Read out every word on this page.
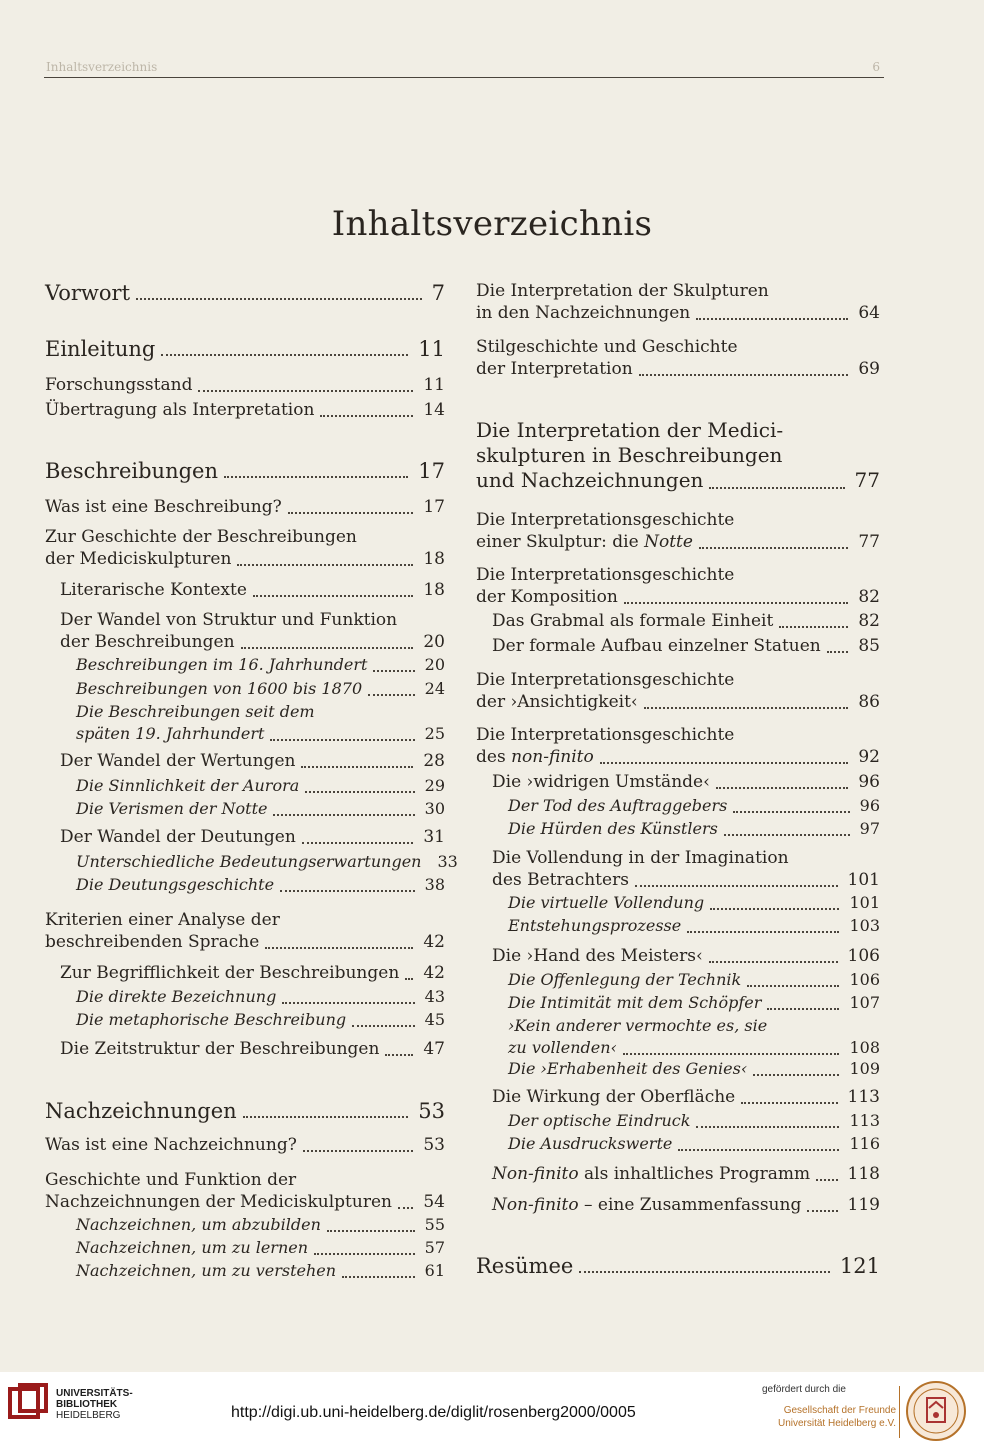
Inhaltsverzeichnis	6
Inhaltsverzeichnis
Vorwort	7
Einleitung	11
Forschungsstand	11
Übertragung als Interpretation	14
Beschreibungen	17
Was ist eine Beschreibung?	17
Zur Geschichte der Beschreibungen
der Mediciskulpturen	18
Literarische Kontexte	18
Der Wandel von Struktur und Funktion
der Beschreibungen	20
Beschreibungen im 16. Jahrhundert	20
Beschreibungen von 1600 bis 1870	24
Die Beschreibungen seit dem
späten 19. Jahrhundert	25
Der Wandel der Wertungen	28
Die Sinnlichkeit der Aurora	29
Die Verismen der Notte	30
Der Wandel der Deutungen	31
Unterschiedliche Bedeutungserwartungen 33
Die Deutungsgeschichte	38
Kriterien einer Analyse der
beschreibenden Sprache	42
Zur Begrifflichkeit der Beschreibungen 42
Die direkte Bezeichnung	43
Die metaphorische Beschreibung	45
Die Zeitstruktur der Beschreibungen	47
Nachzeichnungen	53
Was ist eine Nachzeichnung?	53
Geschichte und Funktion der
Nachzeichnungen der Mediciskulpturen 54
Nachzeichnen, um abzubilden	55
Nachzeichnen, um zu lernen	57
Nachzeichnen, um zu verstehen	61
Die Interpretation der Skulpturen
in den Nachzeichnungen	64
Stilgeschichte und Geschichte
der Interpretation	69
Die Interpretation der Medici-
skulpturen in Beschreibungen
und Nachzeichnungen	77
Die Interpretationsgeschichte
einer Skulptur: die Notte	77
Die Interpretationsgeschichte
der Komposition	82
Das Grabmal als formale Einheit	82
Der formale Aufbau einzelner Statuen 85
Die Interpretationsgeschichte
der ›Ansichtigkeit‹	86
Die Interpretationsgeschichte
des non-finito	92
Die ›widrigen Umstände‹	96
Der Tod des Auftraggebers	96
Die Hürden des Künstlers	97
Die Vollendung in der Imagination
des Betrachters	101
Die virtuelle Vollendung	101
Entstehungsprozesse	103
Die ›Hand des Meisters‹	106
Die Offenlegung der Technik	106
Die Intimität mit dem Schöpfer	107
›Kein anderer vermochte es, sie
zu vollenden‹	108
Die ›Erhabenheit des Genies‹	109
Die Wirkung der Oberfläche	113
Der optische Eindruck	113
Die Ausdruckswerte	116
Non-finito als inhaltliches Programm 118
Non-finito – eine Zusammenfassung	119
Resümee	121
UNIVERSITÄTS-
BIBLIOTHEK
HEIDELBERG	http://digi.ub.uni-heidelberg.de/diglit/rosenberg2000/0005
gefördert durch die
Gesellschaft der Freunde
Universität Heidelberg e.V.
